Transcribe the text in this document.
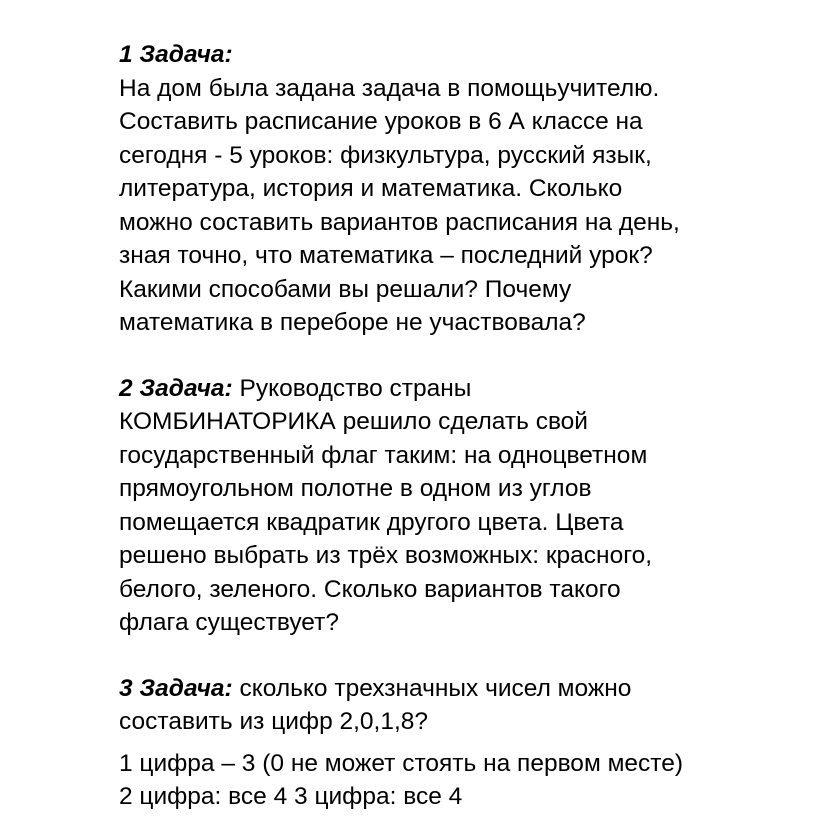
1 Задача:
На дом была задана задача в помощьучителю.
Составить расписание уроков в 6 А классе на
сегодня - 5 уроков: физкультура, русский язык,
литература, история и математика. Сколько
можно составить вариантов расписания на день,
зная точно, что математика – последний урок?
Какими способами вы решали? Почему
математика в переборе не участвовала?
2 Задача: Руководство страны
КОМБИНАТОРИКА решило сделать свой
государственный флаг таким: на одноцветном
прямоугольном полотне в одном из углов
помещается квадратик другого цвета. Цвета
решено выбрать из трёх возможных: красного,
белого, зеленого. Сколько вариантов такого
флага существует?
3 Задача: сколько трехзначных чисел можно
составить из цифр 2,0,1,8?
1 цифра – 3 (0 не может стоять на первом месте)
2 цифра: все 4 3 цифра: все 4
